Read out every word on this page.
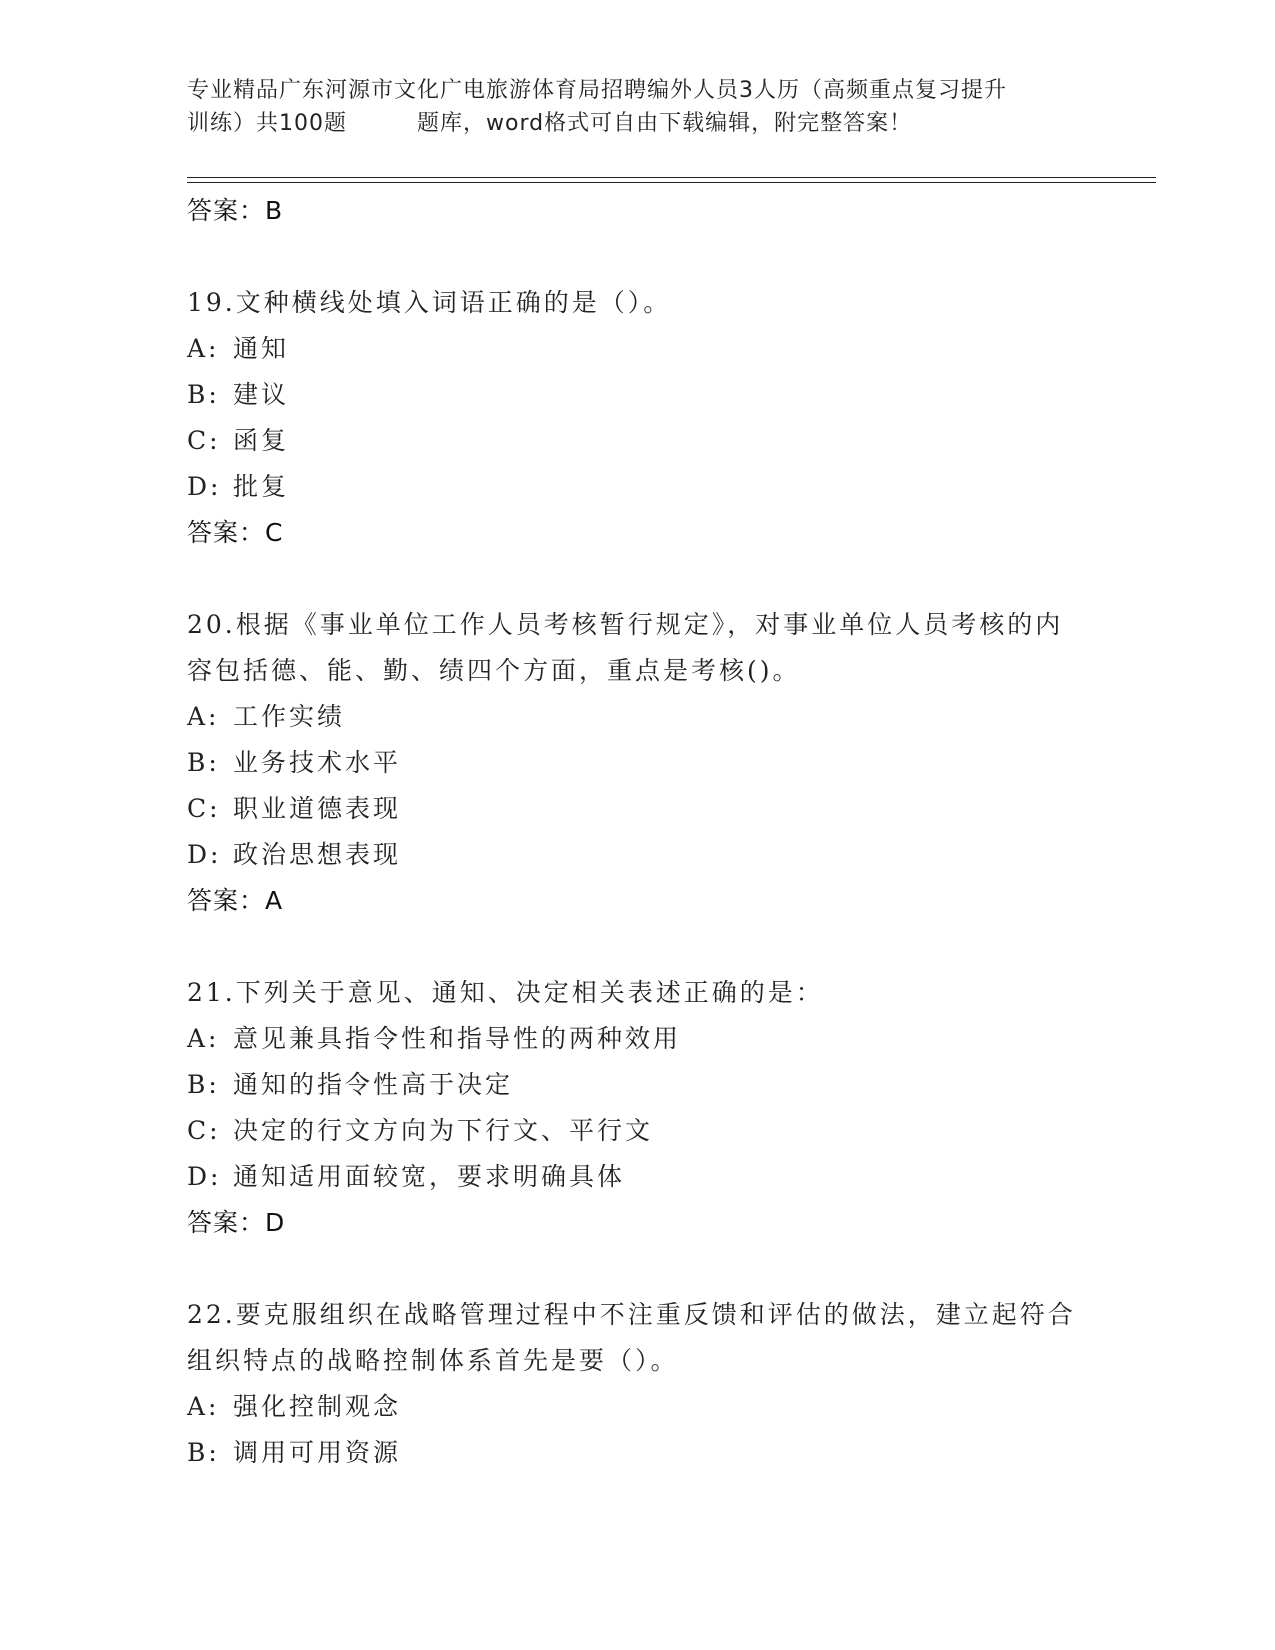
专业精品广东河源市文化广电旅游体育局招聘编外人员3人历（高频重点复习提升
训练）共100题	题库，word格式可自由下载编辑，附完整答案！
答案：B
19.文种横线处填入词语正确的是（）。
A: 通知
B: 建议
C: 函复
D: 批复
答案：C
20.根据《事业单位工作人员考核暂行规定》，对事业单位人员考核的内容包括德、能、勤、绩四个方面，重点是考核()。
A: 工作实绩
B: 业务技术水平
C: 职业道德表现
D: 政治思想表现
答案：A
21.下列关于意见、通知、决定相关表述正确的是：
A: 意见兼具指令性和指导性的两种效用
B: 通知的指令性高于决定
C: 决定的行文方向为下行文、平行文
D: 通知适用面较宽，要求明确具体
答案：D
22.要克服组织在战略管理过程中不注重反馈和评估的做法，建立起符合组织特点的战略控制体系首先是要（）。
A: 强化控制观念
B: 调用可用资源
